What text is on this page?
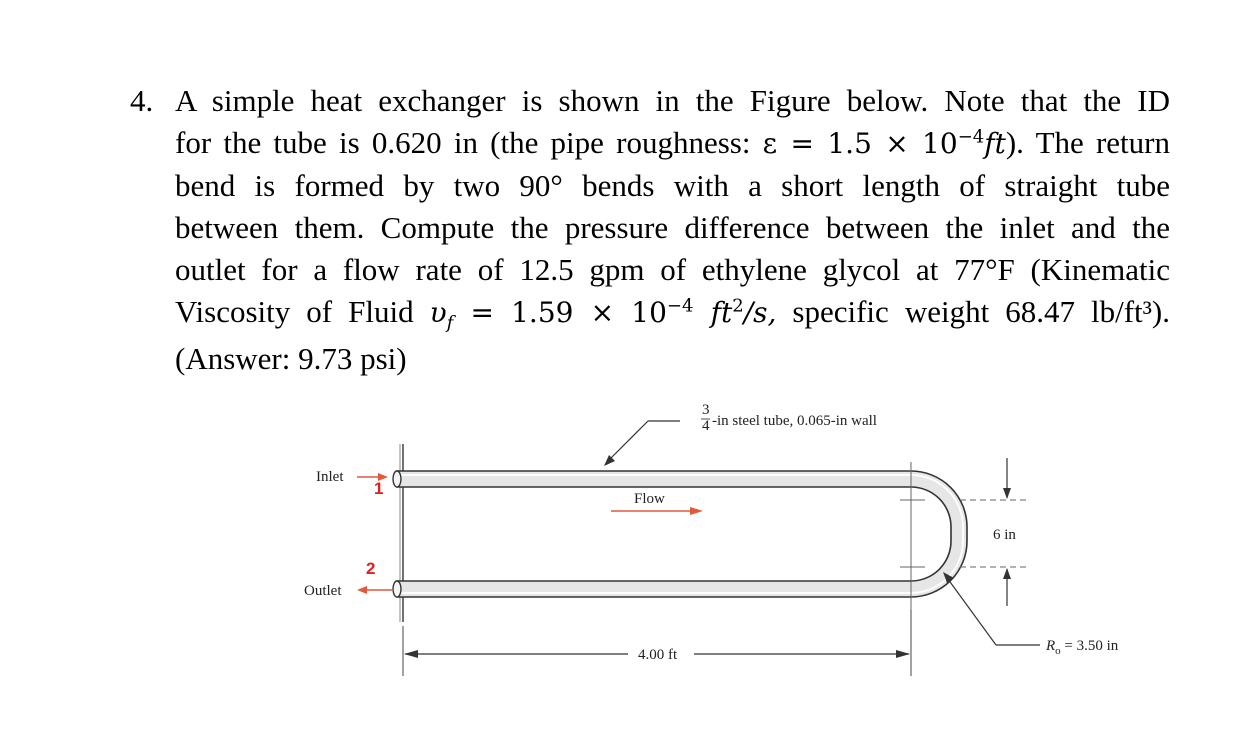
4. A simple heat exchanger is shown in the Figure below. Note that the ID
for the tube is 0.620 in (the pipe roughness: $\varepsilon = 1.5 \times 10^{-4}ft$). The return
bend is formed by two 90° bends with a short length of straight tube
between them. Compute the pressure difference between the inlet and the
outlet for a flow rate of 12.5 gpm of ethylene glycol at 77°F (Kinematic
Viscosity of Fluid $\upsilon_f = 1.59 \times 10^{-4}$ $ft^2/s$, specific weight 68.47 lb/ft³).
(Answer: 9.73 psi)
6 in
4.00 ft
$R_o = 3.50$ in
3
4 -in steel tube, 0.065-in wall
Flow
Inlet
Outlet
1
2
